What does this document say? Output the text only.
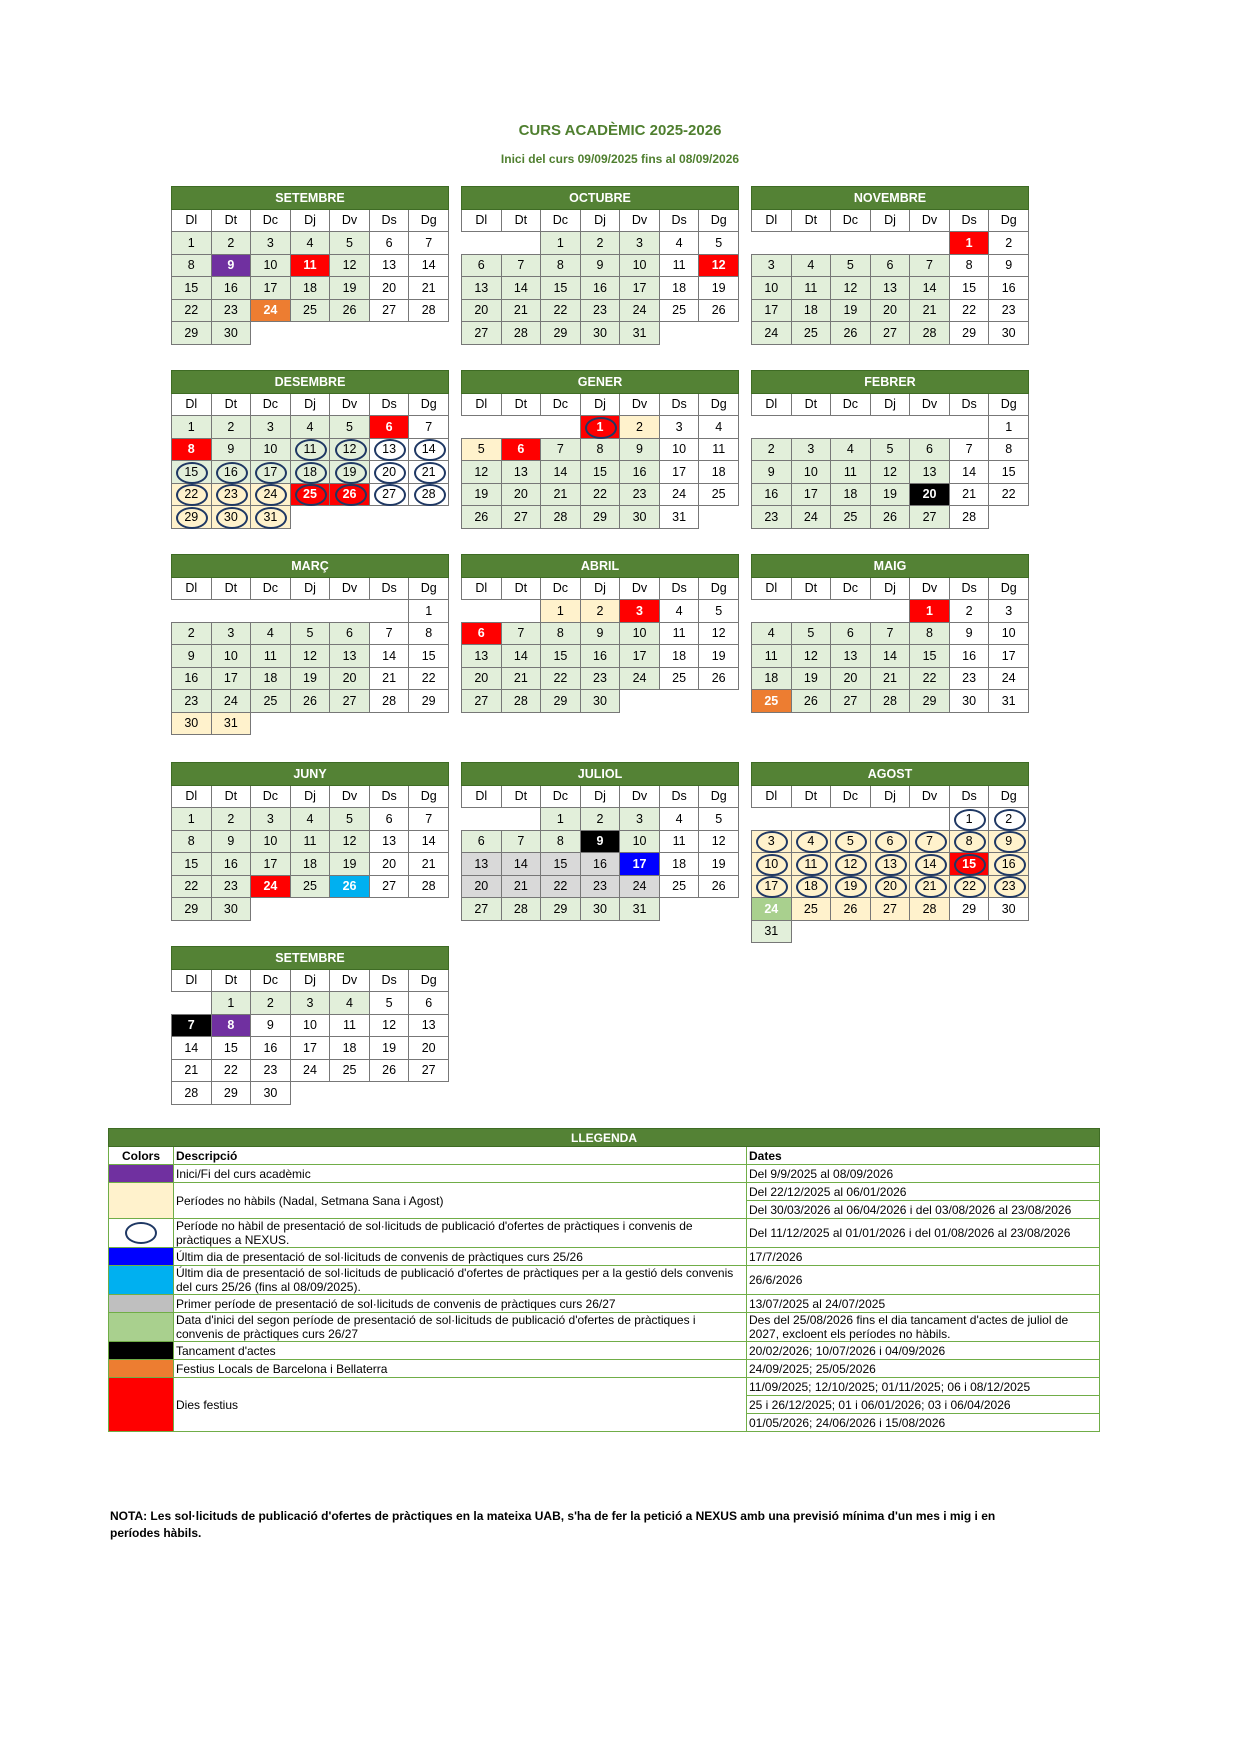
CURS ACADÈMIC 2025-2026
Inici del curs 09/09/2025 fins al 08/09/2026
SETEMBRE						
Dl	Dt	Dc	Dj	Dv	Ds	Dg
1	2	3	4	5	6	7
8	9	10	11	12	13	14
15	16	17	18	19	20	21
22	23	24	25	26	27	28
29	30					
OCTUBRE						
Dl	Dt	Dc	Dj	Dv	Ds	Dg
		1	2	3	4	5
6	7	8	9	10	11	12
13	14	15	16	17	18	19
20	21	22	23	24	25	26
27	28	29	30	31		
NOVEMBRE						
Dl	Dt	Dc	Dj	Dv	Ds	Dg
					1	2
3	4	5	6	7	8	9
10	11	12	13	14	15	16
17	18	19	20	21	22	23
24	25	26	27	28	29	30
DESEMBRE						
Dl	Dt	Dc	Dj	Dv	Ds	Dg
1	2	3	4	5	6	7
8	9	10	11	12	13	14
15	16	17	18	19	20	21
22	23	24	25	26	27	28
29	30	31				
GENER						
Dl	Dt	Dc	Dj	Dv	Ds	Dg
			1	2	3	4
5	6	7	8	9	10	11
12	13	14	15	16	17	18
19	20	21	22	23	24	25
26	27	28	29	30	31	
FEBRER						
Dl	Dt	Dc	Dj	Dv	Ds	Dg
						1
2	3	4	5	6	7	8
9	10	11	12	13	14	15
16	17	18	19	20	21	22
23	24	25	26	27	28	
MARÇ						
Dl	Dt	Dc	Dj	Dv	Ds	Dg
						1
2	3	4	5	6	7	8
9	10	11	12	13	14	15
16	17	18	19	20	21	22
23	24	25	26	27	28	29
30	31					
ABRIL						
Dl	Dt	Dc	Dj	Dv	Ds	Dg
		1	2	3	4	5
6	7	8	9	10	11	12
13	14	15	16	17	18	19
20	21	22	23	24	25	26
27	28	29	30			
MAIG						
Dl	Dt	Dc	Dj	Dv	Ds	Dg
				1	2	3
4	5	6	7	8	9	10
11	12	13	14	15	16	17
18	19	20	21	22	23	24
25	26	27	28	29	30	31
JUNY						
Dl	Dt	Dc	Dj	Dv	Ds	Dg
1	2	3	4	5	6	7
8	9	10	11	12	13	14
15	16	17	18	19	20	21
22	23	24	25	26	27	28
29	30					
JULIOL						
Dl	Dt	Dc	Dj	Dv	Ds	Dg
		1	2	3	4	5
6	7	8	9	10	11	12
13	14	15	16	17	18	19
20	21	22	23	24	25	26
27	28	29	30	31		
AGOST						
Dl	Dt	Dc	Dj	Dv	Ds	Dg
					1	2
3	4	5	6	7	8	9
10	11	12	13	14	15	16
17	18	19	20	21	22	23
24	25	26	27	28	29	30
31						
SETEMBRE						
Dl	Dt	Dc	Dj	Dv	Ds	Dg
	1	2	3	4	5	6
7	8	9	10	11	12	13
14	15	16	17	18	19	20
21	22	23	24	25	26	27
28	29	30				
LLEGENDA		
Colors	Descripció	Dates
	Inici/Fi del curs acadèmic	Del 9/9/2025 al 08/09/2026
	Períodes no hàbils (Nadal, Setmana Sana i Agost)	Del 22/12/2025 al 06/01/2026
		Del 30/03/2026 al 06/04/2026 i del 03/08/2026 al 23/08/2026

	Període no hàbil de presentació de sol·licituds de publicació d'ofertes de pràctiques i convenis de pràctiques a NEXUS.	Del 11/12/2025 al 01/01/2026 i del 01/08/2026 al 23/08/2026
	Últim dia de presentació de sol·licituds de convenis de pràctiques curs 25/26	17/7/2026
	Últim dia de presentació de sol·licituds de publicació d'ofertes de pràctiques per a la gestió dels convenis del curs 25/26 (fins al 08/09/2025).	26/6/2026
	Primer període de presentació de sol·licituds de convenis de pràctiques curs 26/27	13/07/2025 al 24/07/2025
	Data d'inici del segon període de presentació de sol·licituds de publicació d'ofertes de pràctiques i convenis de pràctiques curs 26/27	Des del 25/08/2026 fins el dia tancament d'actes de juliol de 2027, excloent els períodes no hàbils.
	Tancament d'actes	20/02/2026; 10/07/2026 i 04/09/2026
	Festius Locals de Barcelona i Bellaterra	24/09/2025; 25/05/2026
	Dies festius	11/09/2025; 12/10/2025; 01/11/2025; 06 i 08/12/2025
		25 i 26/12/2025; 01 i 06/01/2026; 03 i 06/04/2026
		01/05/2026; 24/06/2026 i 15/08/2026
NOTA: Les sol·licituds de publicació d'ofertes de pràctiques en la mateixa UAB, s'ha de fer la petició a NEXUS amb una previsió mínima d'un mes i mig i en períodes hàbils.
